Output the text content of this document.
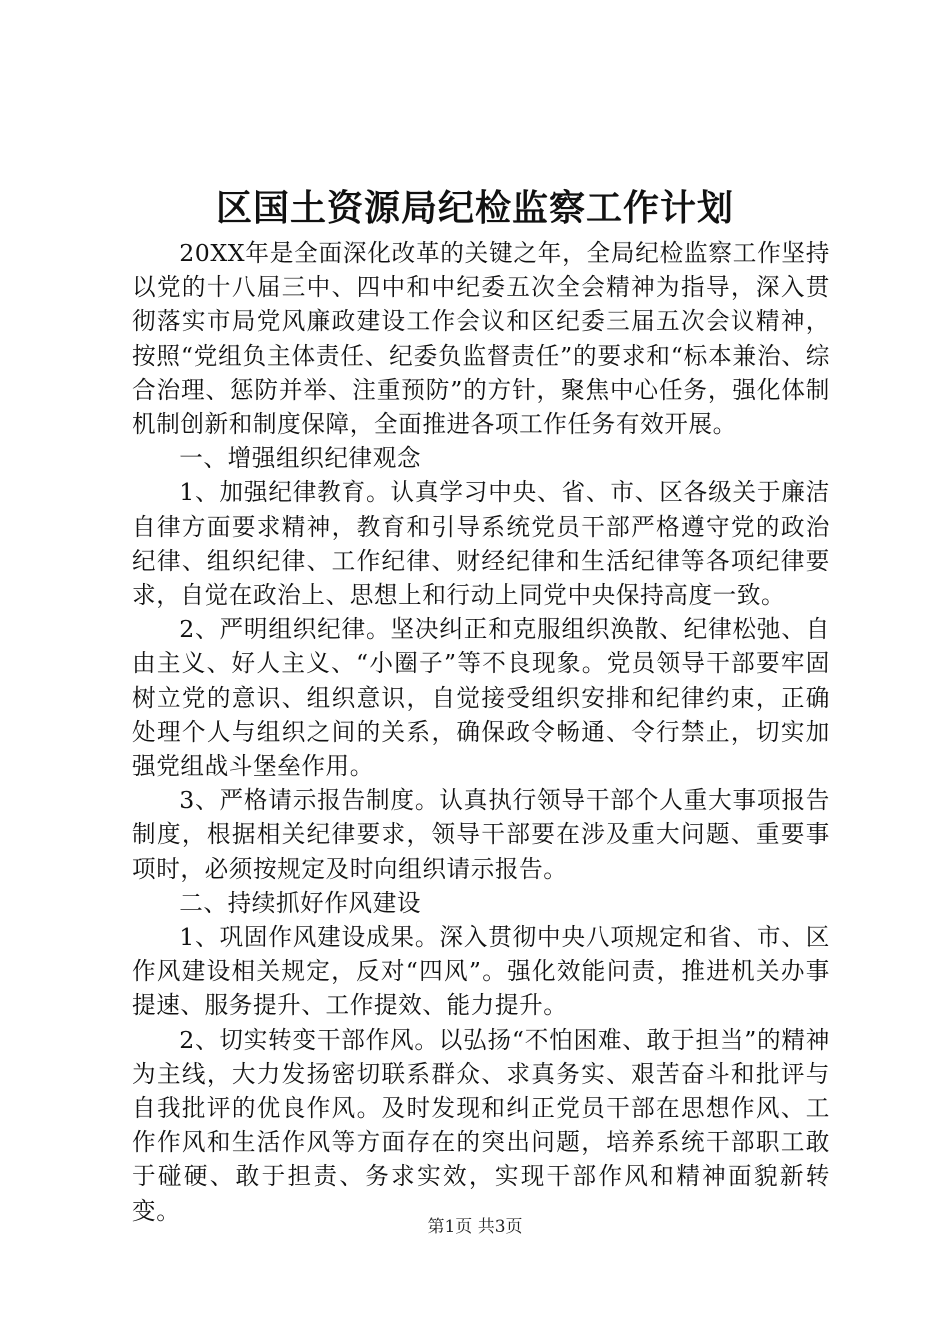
区国土资源局纪检监察工作计划

20XX年是全面深化改革的关键之年，全局纪检监察工作坚持以党的十八届三中、四中和中纪委五次全会精神为指导，深入贯彻落实市局党风廉政建设工作会议和区纪委三届五次会议精神，按照“党组负主体责任、纪委负监督责任”的要求和“标本兼治、综合治理、惩防并举、注重预防”的方针，聚焦中心任务，强化体制机制创新和制度保障，全面推进各项工作任务有效开展。

一、增强组织纪律观念

1、加强纪律教育。认真学习中央、省、市、区各级关于廉洁自律方面要求精神，教育和引导系统党员干部严格遵守党的政治纪律、组织纪律、工作纪律、财经纪律和生活纪律等各项纪律要求，自觉在政治上、思想上和行动上同党中央保持高度一致。

2、严明组织纪律。坚决纠正和克服组织涣散、纪律松弛、自由主义、好人主义、“小圈子”等不良现象。党员领导干部要牢固树立党的意识、组织意识，自觉接受组织安排和纪律约束，正确处理个人与组织之间的关系，确保政令畅通、令行禁止，切实加强党组战斗堡垒作用。

3、严格请示报告制度。认真执行领导干部个人重大事项报告制度，根据相关纪律要求，领导干部要在涉及重大问题、重要事项时，必须按规定及时向组织请示报告。

二、持续抓好作风建设

1、巩固作风建设成果。深入贯彻中央八项规定和省、市、区作风建设相关规定，反对“四风”。强化效能问责，推进机关办事提速、服务提升、工作提效、能力提升。

2、切实转变干部作风。以弘扬“不怕困难、敢于担当”的精神为主线，大力发扬密切联系群众、求真务实、艰苦奋斗和批评与自我批评的优良作风。及时发现和纠正党员干部在思想作风、工作作风和生活作风等方面存在的突出问题，培养系统干部职工敢于碰硬、敢于担责、务求实效，实现干部作风和精神面貌新转变。

第1页 共3页
